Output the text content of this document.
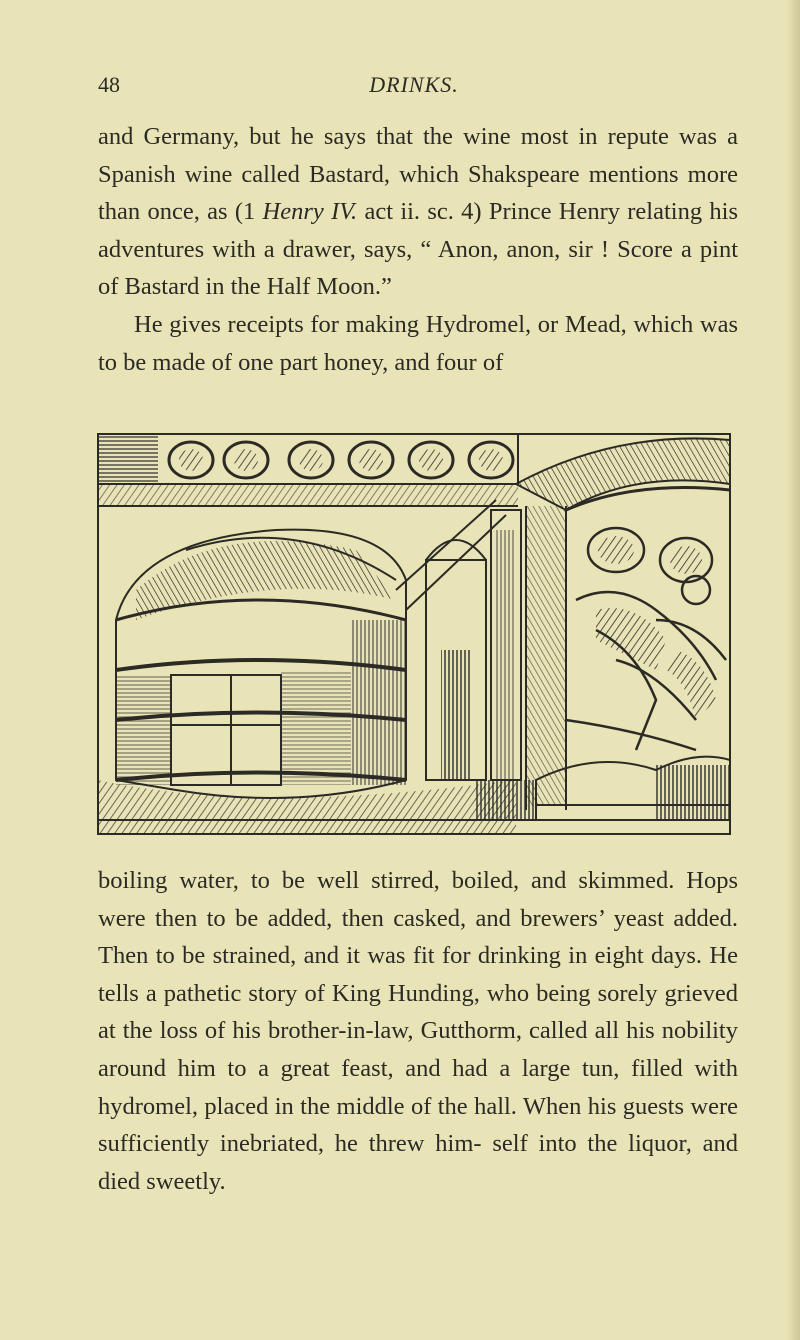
48	DRINKS.

and Germany, but he says that the wine most in repute was a Spanish wine called Bastard, which Shakspeare mentions more than once, as (1 Henry IV. act ii. sc. 4) Prince Henry relating his adventures with a drawer, says, “ Anon, anon, sir ! Score a pint of Bastard in the Half Moon.”

He gives receipts for making Hydromel, or Mead, which was to be made of one part honey, and four of

boiling water, to be well stirred, boiled, and skimmed. Hops were then to be added, then casked, and brewers’ yeast added. Then to be strained, and it was fit for drinking in eight days. He tells a pathetic story of King Hunding, who being sorely grieved at the loss of his brother-in-law, Gutthorm, called all his nobility around him to a great feast, and had a large tun, filled with hydromel, placed in the middle of the hall. When his guests were sufficiently inebriated, he threw him- self into the liquor, and died sweetly.
